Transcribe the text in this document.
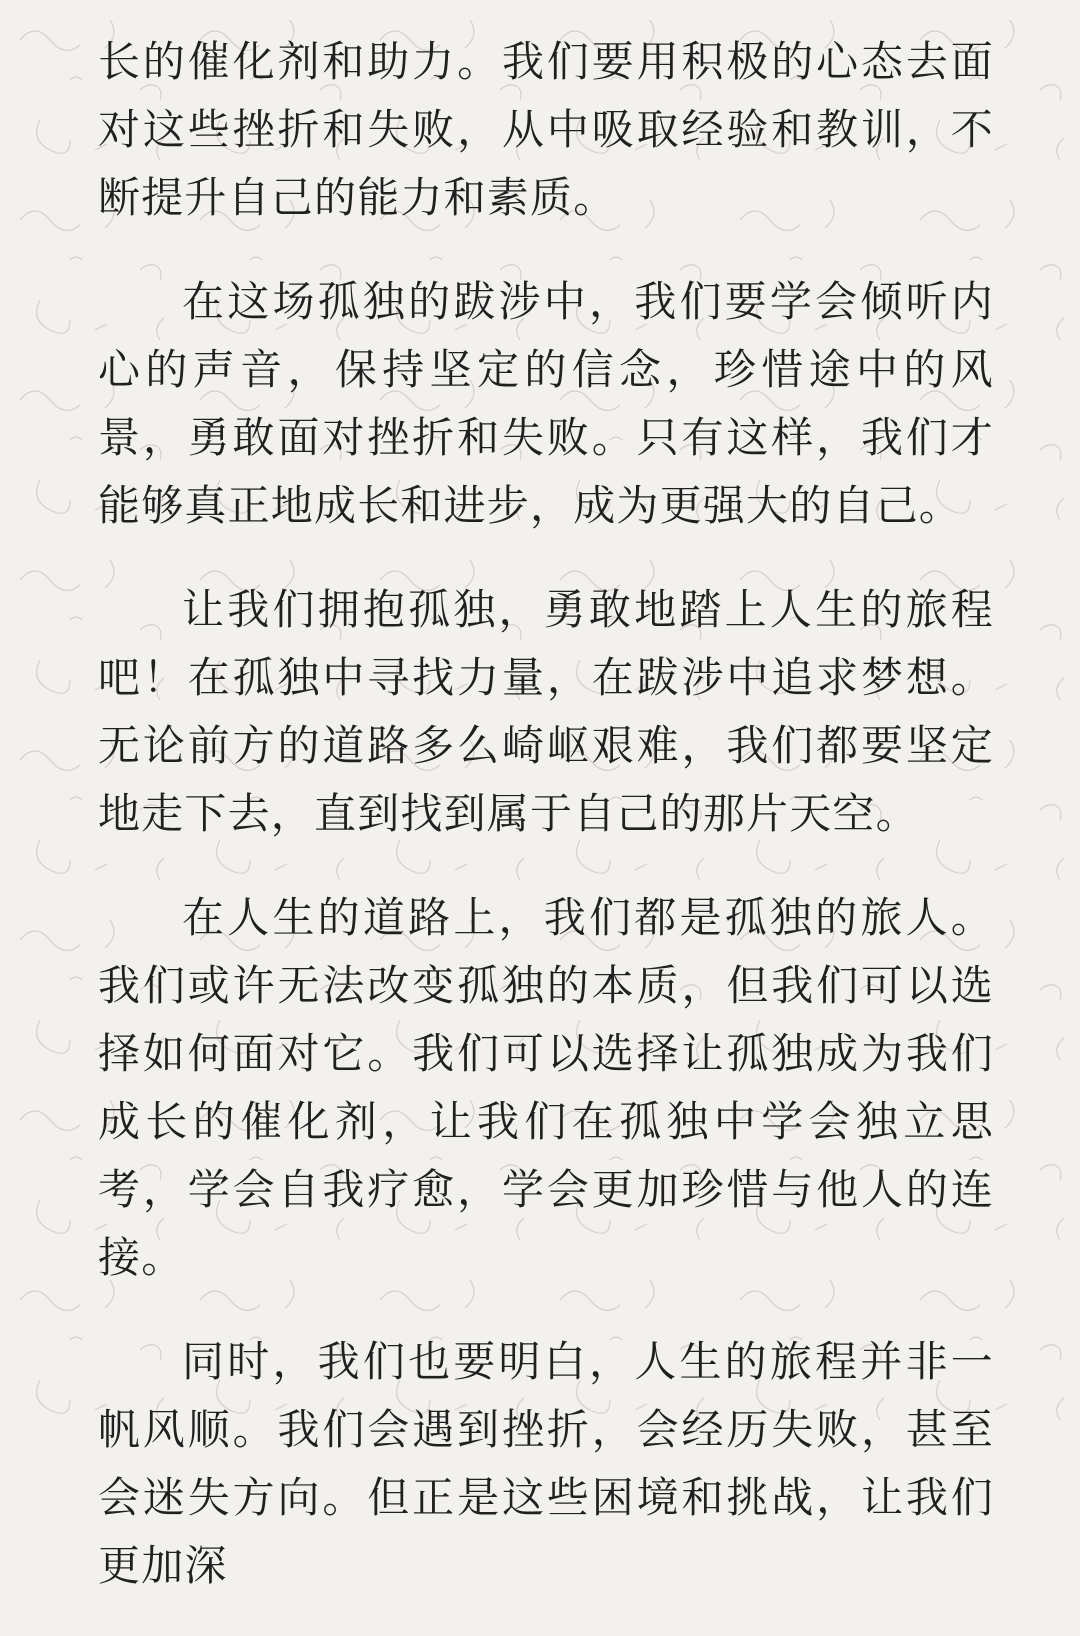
长的催化剂和助力。我们要用积极的心态去面对这些挫折和失败，从中吸取经验和教训，不断提升自己的能力和素质。

在这场孤独的跋涉中，我们要学会倾听内心的声音，保持坚定的信念，珍惜途中的风景，勇敢面对挫折和失败。只有这样，我们才能够真正地成长和进步，成为更强大的自己。

让我们拥抱孤独，勇敢地踏上人生的旅程吧！在孤独中寻找力量，在跋涉中追求梦想。无论前方的道路多么崎岖艰难，我们都要坚定地走下去，直到找到属于自己的那片天空。

在人生的道路上，我们都是孤独的旅人。我们或许无法改变孤独的本质，但我们可以选择如何面对它。我们可以选择让孤独成为我们成长的催化剂，让我们在孤独中学会独立思考，学会自我疗愈，学会更加珍惜与他人的连接。

同时，我们也要明白，人生的旅程并非一帆风顺。我们会遇到挫折，会经历失败，甚至会迷失方向。但正是这些困境和挑战，让我们更加深
